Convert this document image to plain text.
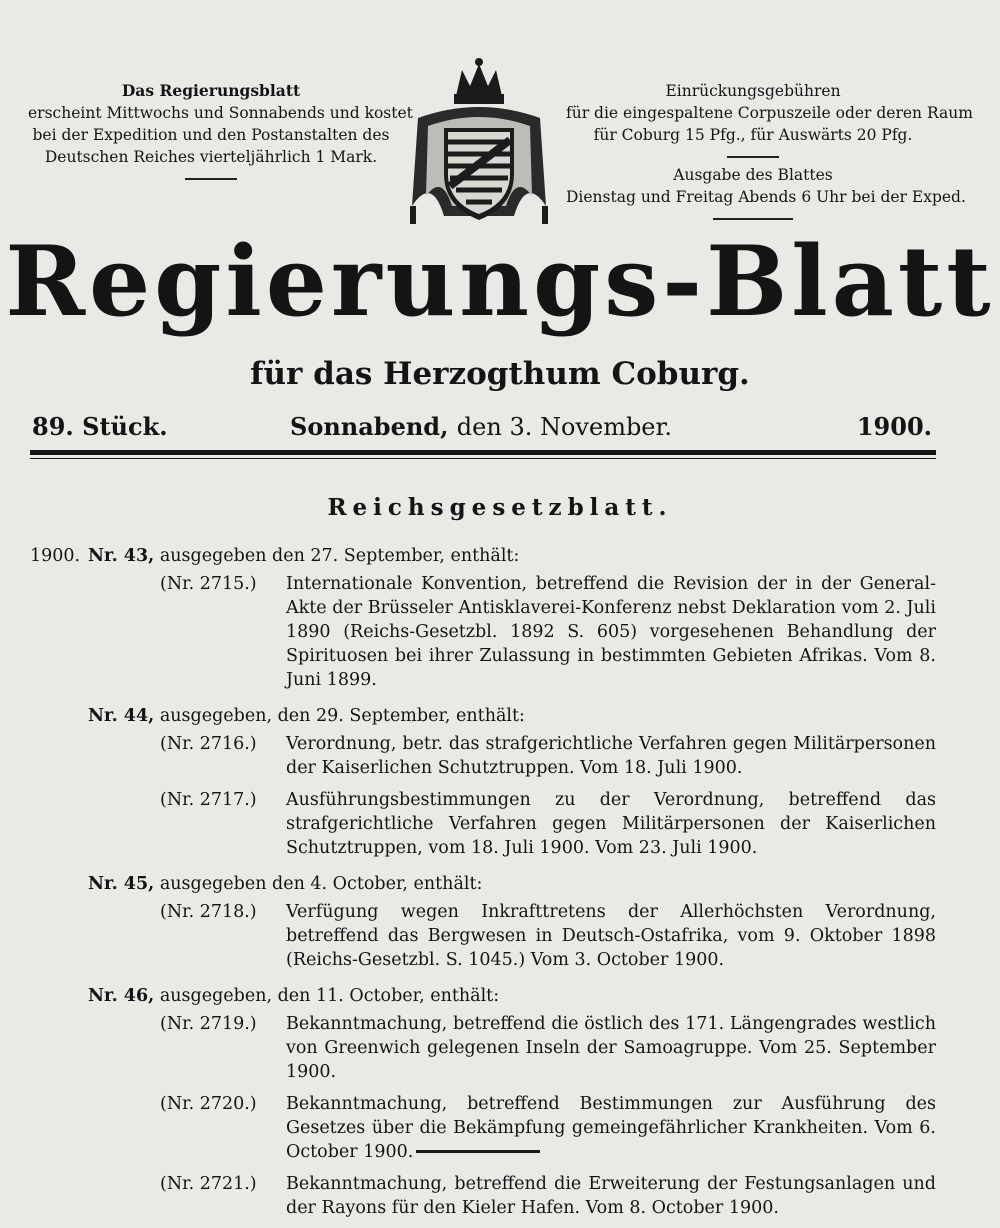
Das Regierungsblatt
erscheint Mittwochs und Sonnabends und kostet
bei der Expedition und den Postanstalten des
Deutschen Reiches vierteljährlich 1 Mark.
Einrückungsgebühren
für die eingespaltene Corpuszeile oder deren Raum
für Coburg 15 Pfg., für Auswärts 20 Pfg.
Ausgabe des Blattes
Dienstag und Freitag Abends 6 Uhr bei der Exped.
Regierungs-Blatt
für das Herzogthum Coburg.
89. Stück.	Sonnabend, den 3. November.	1900.
Reichsgesetzblatt.
1900. Nr. 43, ausgegeben den 27. September, enthält:
(Nr. 2715.)	Internationale Konvention, betreffend die Revision der in der General-Akte der Brüsseler Antisklaverei-Konferenz nebst Deklaration vom 2. Juli 1890 (Reichs-Gesetzbl. 1892 S. 605) vorgesehenen Behandlung der Spirituosen bei ihrer Zulassung in bestimmten Gebieten Afrikas. Vom 8. Juni 1899.
Nr. 44, ausgegeben, den 29. September, enthält:
(Nr. 2716.)	Verordnung, betr. das strafgerichtliche Verfahren gegen Militärpersonen der Kaiserlichen Schutztruppen. Vom 18. Juli 1900.
(Nr. 2717.)	Ausführungsbestimmungen zu der Verordnung, betreffend das strafgerichtliche Verfahren gegen Militärpersonen der Kaiserlichen Schutztruppen, vom 18. Juli 1900. Vom 23. Juli 1900.
Nr. 45, ausgegeben den 4. October, enthält:
(Nr. 2718.)	Verfügung wegen Inkrafttretens der Allerhöchsten Verordnung, betreffend das Bergwesen in Deutsch-Ostafrika, vom 9. Oktober 1898 (Reichs-Gesetzbl. S. 1045.) Vom 3. October 1900.
Nr. 46, ausgegeben, den 11. October, enthält:
(Nr. 2719.)	Bekanntmachung, betreffend die östlich des 171. Längengrades westlich von Greenwich gelegenen Inseln der Samoagruppe. Vom 25. September 1900.
(Nr. 2720.)	Bekanntmachung, betreffend Bestimmungen zur Ausführung des Gesetzes über die Bekämpfung gemeingefährlicher Krankheiten. Vom 6. October 1900.
(Nr. 2721.)	Bekanntmachung, betreffend die Erweiterung der Festungsanlagen und der Rayons für den Kieler Hafen. Vom 8. October 1900.
